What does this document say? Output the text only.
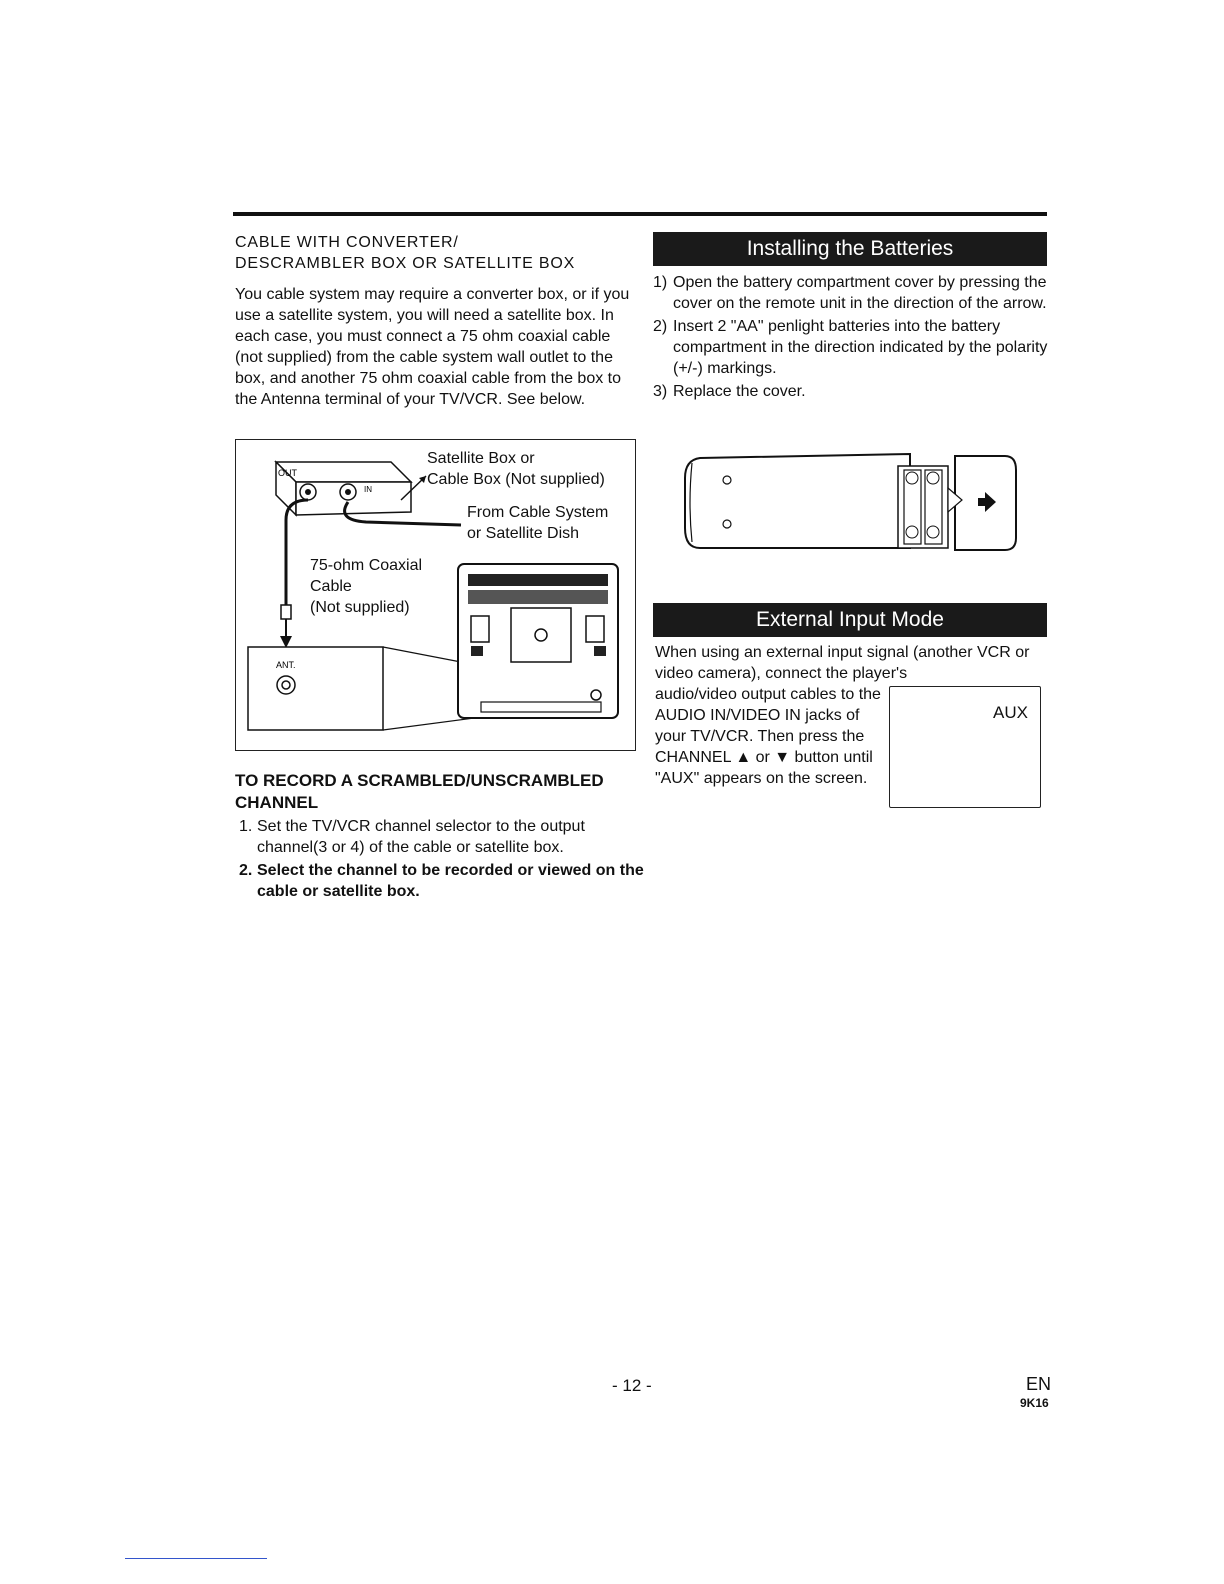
CABLE WITH CONVERTER/
DESCRAMBLER BOX OR SATELLITE BOX

You cable system may require a converter box, or if you use a satellite system, you will need a satellite box. In each case, you must connect a 75 ohm coaxial cable (not supplied) from the cable system wall outlet to the box, and another 75 ohm coaxial cable from the box to the Antenna terminal of your TV/VCR. See below.

OUT
IN
ANT.
Satellite Box or
Cable Box (Not supplied)
From Cable System
or Satellite Dish
75-ohm Coaxial
Cable
(Not supplied)
TO RECORD A SCRAMBLED/UNSCRAMBLED
CHANNEL
1. Set the TV/VCR channel selector to the output channel(3 or 4) of the cable or satellite box.
2. Select the channel to be recorded or viewed on the cable or satellite box.
Installing the Batteries
1) Open the battery compartment cover by pressing the cover on the remote unit in the direction of the arrow.
2) Insert 2 "AA" penlight batteries into the battery compartment in the direction indicated by the polarity (+/-) markings.
3) Replace the cover.
External Input Mode

When using an external input signal (another VCR or video camera), connect the player's

audio/video output cables to the AUDIO IN/VIDEO IN jacks of your TV/VCR. Then press the CHANNEL ▲ or ▼ button until "AUX" appears on the screen.

AUX
- 12 -	EN
9K16
